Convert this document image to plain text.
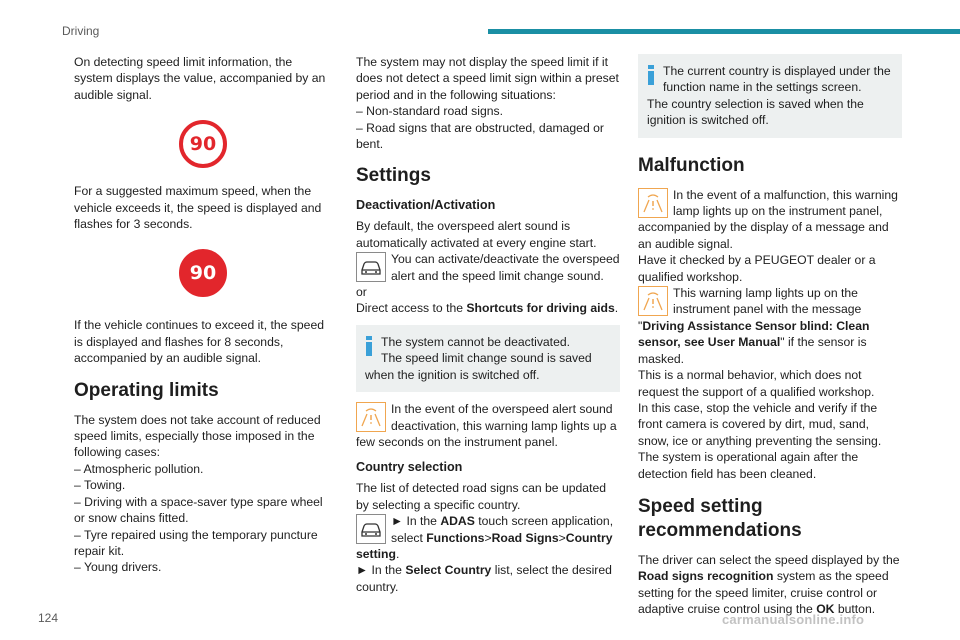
Driving

On detecting speed limit information, the system displays the value, accompanied by an audible signal.

90

For a suggested maximum speed, when the vehicle exceeds it, the speed is displayed and flashes for 3 seconds.

90

If the vehicle continues to exceed it, the speed is displayed and flashes for 8 seconds, accompanied by an audible signal.

Operating limits

The system does not take account of reduced speed limits, especially those imposed in the following cases:

– Atmospheric pollution.

– Towing.

– Driving with a space-saver type spare wheel or snow chains fitted.

– Tyre repaired using the temporary puncture repair kit.

– Young drivers.

The system may not display the speed limit if it does not detect a speed limit sign within a preset period and in the following situations:

– Non-standard road signs.

– Road signs that are obstructed, damaged or bent.

Settings
Deactivation/Activation

By default, the overspeed alert sound is automatically activated at every engine start.

You can activate/deactivate the overspeed alert and the speed limit change sound.

or

Direct access to the Shortcuts for driving aids.

The system cannot be deactivated.

The speed limit change sound is saved when the ignition is switched off.

In the event of the overspeed alert sound deactivation, this warning lamp lights up a few seconds on the instrument panel.

Country selection

The list of detected road signs can be updated by selecting a specific country.

► In the ADAS touch screen application, select Functions>Road Signs>Country setting.

► In the Select Country list, select the desired country.

The current country is displayed under the function name in the settings screen.

The country selection is saved when the ignition is switched off.

Malfunction

In the event of a malfunction, this warning lamp lights up on the instrument panel, accompanied by the display of a message and an audible signal.

Have it checked by a PEUGEOT dealer or a qualified workshop.

This warning lamp lights up on the instrument panel with the message "Driving Assistance Sensor blind: Clean sensor, see User Manual" if the sensor is masked.

This is a normal behavior, which does not request the support of a qualified workshop.

In this case, stop the vehicle and verify if the front camera is covered by dirt, mud, sand, snow, ice or anything preventing the sensing.

The system is operational again after the detection field has been cleaned.

Speed setting recommendations

The driver can select the speed displayed by the Road signs recognition system as the speed setting for the speed limiter, cruise control or adaptive cruise control using the OK button.

124	carmanualsonline.info
